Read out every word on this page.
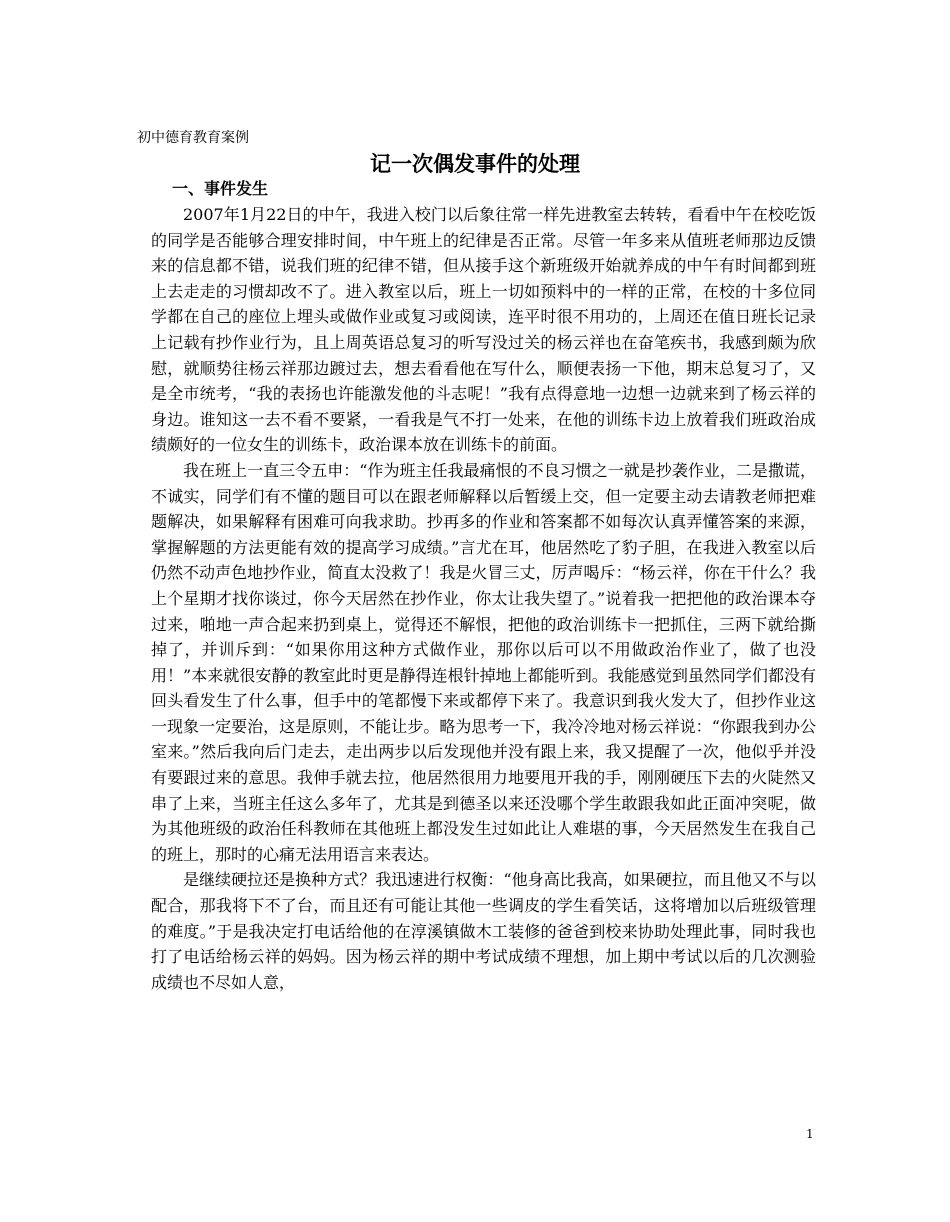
初中德育教育案例
记一次偶发事件的处理
一、事件发生

2007年1月22日的中午，我进入校门以后象往常一样先进教室去转转，看看中午在校吃饭的同学是否能够合理安排时间，中午班上的纪律是否正常。尽管一年多来从值班老师那边反馈来的信息都不错，说我们班的纪律不错，但从接手这个新班级开始就养成的中午有时间都到班上去走走的习惯却改不了。进入教室以后，班上一切如预料中的一样的正常，在校的十多位同学都在自己的座位上埋头或做作业或复习或阅读，连平时很不用功的，上周还在值日班长记录上记载有抄作业行为，且上周英语总复习的听写没过关的杨云祥也在奋笔疾书，我感到颇为欣慰，就顺势往杨云祥那边踱过去，想去看看他在写什么，顺便表扬一下他，期末总复习了，又是全市统考，“我的表扬也许能激发他的斗志呢！”我有点得意地一边想一边就来到了杨云祥的身边。谁知这一去不看不要紧，一看我是气不打一处来，在他的训练卡边上放着我们班政治成绩颇好的一位女生的训练卡，政治课本放在训练卡的前面。

我在班上一直三令五申：“作为班主任我最痛恨的不良习惯之一就是抄袭作业，二是撒谎，不诚实，同学们有不懂的题目可以在跟老师解释以后暂缓上交，但一定要主动去请教老师把难题解决，如果解释有困难可向我求助。抄再多的作业和答案都不如每次认真弄懂答案的来源，掌握解题的方法更能有效的提高学习成绩。”言尤在耳，他居然吃了豹子胆，在我进入教室以后仍然不动声色地抄作业，简直太没救了！我是火冒三丈，厉声喝斥：“杨云祥，你在干什么？我上个星期才找你谈过，你今天居然在抄作业，你太让我失望了。”说着我一把把他的政治课本夺过来，啪地一声合起来扔到桌上，觉得还不解恨，把他的政治训练卡一把抓住，三两下就给撕掉了，并训斥到：“如果你用这种方式做作业，那你以后可以不用做政治作业了，做了也没用！”本来就很安静的教室此时更是静得连根针掉地上都能听到。我能感觉到虽然同学们都没有回头看发生了什么事，但手中的笔都慢下来或都停下来了。我意识到我火发大了，但抄作业这一现象一定要治，这是原则，不能让步。略为思考一下，我冷冷地对杨云祥说：“你跟我到办公室来。”然后我向后门走去，走出两步以后发现他并没有跟上来，我又提醒了一次，他似乎并没有要跟过来的意思。我伸手就去拉，他居然很用力地要甩开我的手，刚刚硬压下去的火陡然又串了上来，当班主任这么多年了，尤其是到德圣以来还没哪个学生敢跟我如此正面冲突呢，做为其他班级的政治任科教师在其他班上都没发生过如此让人难堪的事，今天居然发生在我自己的班上，那时的心痛无法用语言来表达。

是继续硬拉还是换种方式？我迅速进行权衡：“他身高比我高，如果硬拉，而且他又不与以配合，那我将下不了台，而且还有可能让其他一些调皮的学生看笑话，这将增加以后班级管理的难度。”于是我决定打电话给他的在淳溪镇做木工装修的爸爸到校来协助处理此事，同时我也打了电话给杨云祥的妈妈。因为杨云祥的期中考试成绩不理想，加上期中考试以后的几次测验成绩也不尽如人意，

1
